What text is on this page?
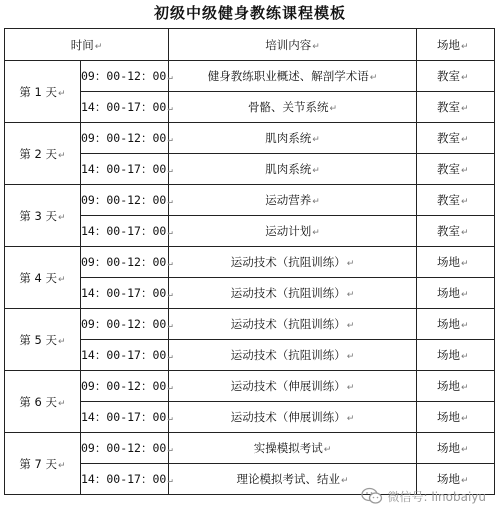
初级中级健身教练课程模板
时间↵		培训内容↵	场地↵
第 1 天↵	09：00-12：00↵	健身教练职业概述、解剖学术语↵	教室↵
	14：00-17：00↵	骨骼、关节系统↵	教室↵
第 2 天↵	09：00-12：00↵	肌肉系统↵	教室↵
	14：00-17：00↵	肌肉系统↵	教室↵
第 3 天↵	09：00-12：00↵	运动营养↵	教室↵
	14：00-17：00↵	运动计划↵	教室↵
第 4 天↵	09：00-12：00↵	运动技术（抗阻训练）↵	场地↵
	14：00-17：00↵	运动技术（抗阻训练）↵	场地↵
第 5 天↵	09：00-12：00↵	运动技术（抗阻训练）↵	场地↵
	14：00-17：00↵	运动技术（抗阻训练）↵	场地↵
第 6 天↵	09：00-12：00↵	运动技术（伸展训练）↵	场地↵
	14：00-17：00↵	运动技术（伸展训练）↵	场地↵
第 7 天↵	09：00-12：00↵	实操模拟考试↵	场地↵
	14：00-17：00↵	理论模拟考试、结业↵	场地↵
微信号: linobaiyu
